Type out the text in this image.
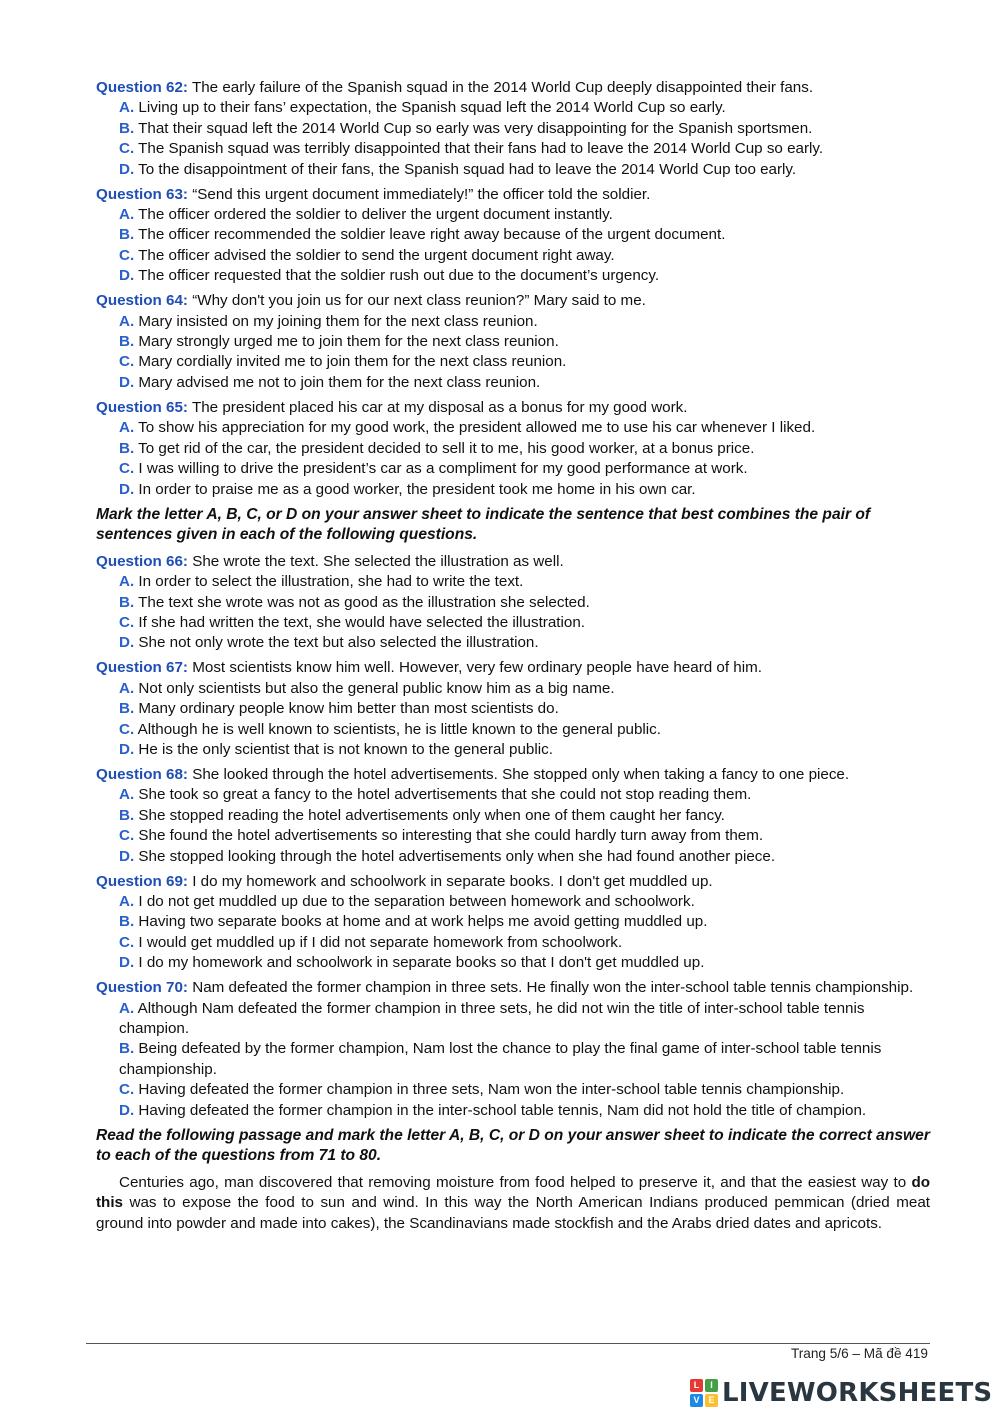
Question 62: The early failure of the Spanish squad in the 2014 World Cup deeply disappointed their fans.
A. Living up to their fans’ expectation, the Spanish squad left the 2014 World Cup so early.
B. That their squad left the 2014 World Cup so early was very disappointing for the Spanish sportsmen.
C. The Spanish squad was terribly disappointed that their fans had to leave the 2014 World Cup so early.
D. To the disappointment of their fans, the Spanish squad had to leave the 2014 World Cup too early.
Question 63: “Send this urgent document immediately!” the officer told the soldier.
A. The officer ordered the soldier to deliver the urgent document instantly.
B. The officer recommended the soldier leave right away because of the urgent document.
C. The officer advised the soldier to send the urgent document right away.
D. The officer requested that the soldier rush out due to the document’s urgency.
Question 64: “Why don't you join us for our next class reunion?” Mary said to me.
A. Mary insisted on my joining them for the next class reunion.
B. Mary strongly urged me to join them for the next class reunion.
C. Mary cordially invited me to join them for the next class reunion.
D. Mary advised me not to join them for the next class reunion.
Question 65: The president placed his car at my disposal as a bonus for my good work.
A. To show his appreciation for my good work, the president allowed me to use his car whenever I liked.
B. To get rid of the car, the president decided to sell it to me, his good worker, at a bonus price.
C. I was willing to drive the president’s car as a compliment for my good performance at work.
D. In order to praise me as a good worker, the president took me home in his own car.
Mark the letter A, B, C, or D on your answer sheet to indicate the sentence that best combines the pair of sentences given in each of the following questions.
Question 66: She wrote the text. She selected the illustration as well.
A. In order to select the illustration, she had to write the text.
B. The text she wrote was not as good as the illustration she selected.
C. If she had written the text, she would have selected the illustration.
D. She not only wrote the text but also selected the illustration.
Question 67: Most scientists know him well. However, very few ordinary people have heard of him.
A. Not only scientists but also the general public know him as a big name.
B. Many ordinary people know him better than most scientists do.
C. Although he is well known to scientists, he is little known to the general public.
D. He is the only scientist that is not known to the general public.
Question 68: She looked through the hotel advertisements. She stopped only when taking a fancy to one piece.
A. She took so great a fancy to the hotel advertisements that she could not stop reading them.
B. She stopped reading the hotel advertisements only when one of them caught her fancy.
C. She found the hotel advertisements so interesting that she could hardly turn away from them.
D. She stopped looking through the hotel advertisements only when she had found another piece.
Question 69: I do my homework and schoolwork in separate books. I don't get muddled up.
A. I do not get muddled up due to the separation between homework and schoolwork.
B. Having two separate books at home and at work helps me avoid getting muddled up.
C. I would get muddled up if I did not separate homework from schoolwork.
D. I do my homework and schoolwork in separate books so that I don't get muddled up.
Question 70: Nam defeated the former champion in three sets. He finally won the inter-school table tennis championship.
A. Although Nam defeated the former champion in three sets, he did not win the title of inter-school table tennis champion.
B. Being defeated by the former champion, Nam lost the chance to play the final game of inter-school table tennis championship.
C. Having defeated the former champion in three sets, Nam won the inter-school table tennis championship.
D. Having defeated the former champion in the inter-school table tennis, Nam did not hold the title of champion.
Read the following passage and mark the letter A, B, C, or D on your answer sheet to indicate the correct answer to each of the questions from 71 to 80.
Centuries ago, man discovered that removing moisture from food helped to preserve it, and that the easiest way to do this was to expose the food to sun and wind. In this way the North American Indians produced pemmican (dried meat ground into powder and made into cakes), the Scandinavians made stockfish and the Arabs dried dates and apricots.
Trang 5/6 – Mã đề 419
L	I
V E LIVEWORKSHEETS
